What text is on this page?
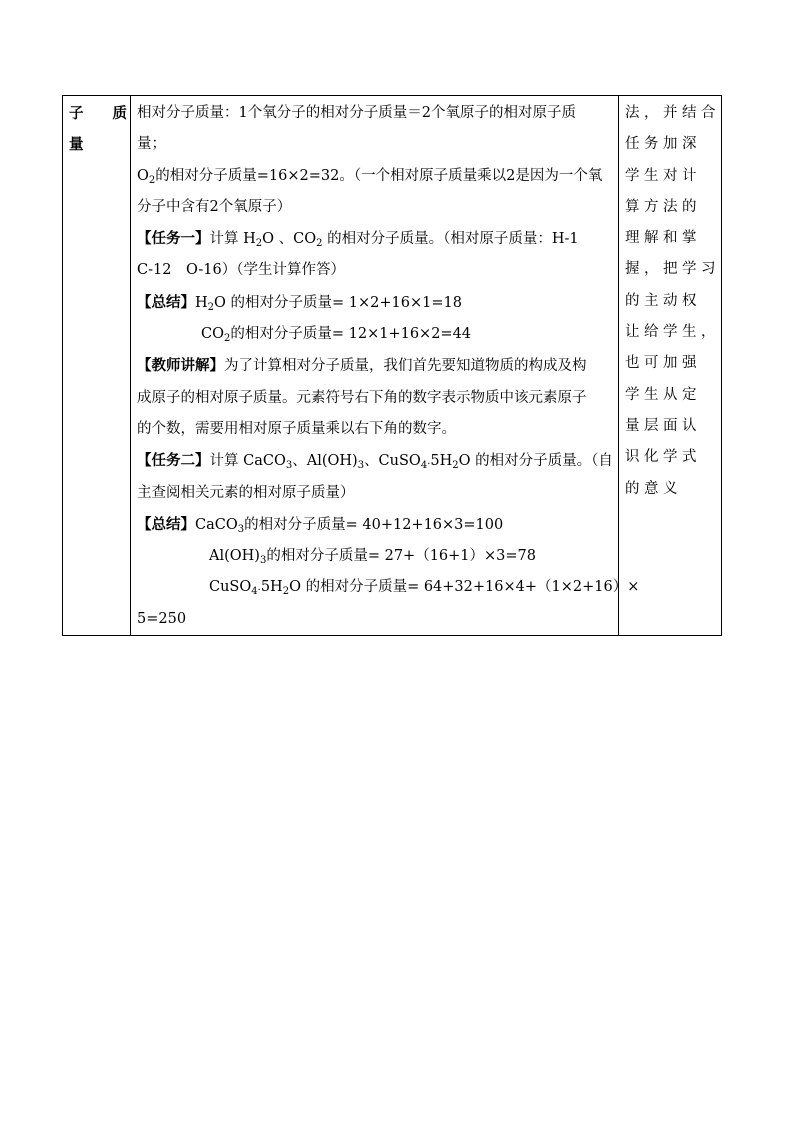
子 质
量

相对分子质量：1个氧分子的相对分子质量＝2个氧原子的相对原子质
量；
$O_2$的相对分子质量=16×2=32。（一个相对原子质量乘以2是因为一个氧
分子中含有2个氧原子）
【任务一】计算 $H_2O$ 、$CO_2$ 的相对分子质量。（相对原子质量：H-1
C-12　O-16）（学生计算作答）
【总结】$H_2O$ 的相对分子质量= 1×2+16×1=18
$CO_2$的相对分子质量= 12×1+16×2=44
【教师讲解】为了计算相对分子质量，我们首先要知道物质的构成及构
成原子的相对原子质量。元素符号右下角的数字表示物质中该元素原子
的个数，需要用相对原子质量乘以右下角的数字。
【任务二】计算 CaCO$_3$、$Al(OH)_3$、$CuSO_4\cdot 5H_2O$ 的相对分子质量。（自
主查阅相关元素的相对原子质量）
【总结】CaCO$_3$的相对分子质量= 40+12+16×3=100
$Al(OH)_3$的相对分子质量= 27+（16+1）×3=78
$CuSO_4\cdot 5H_2O$ 的相对分子质量= 64+32+16×4+（1×2+16）×
5=250

法，并结合
任务加深
学生对计
算方法的
理解和掌
握，把学习
的主动权
让给学生，
也可加强
学生从定
量层面认
识化学式
的意义
